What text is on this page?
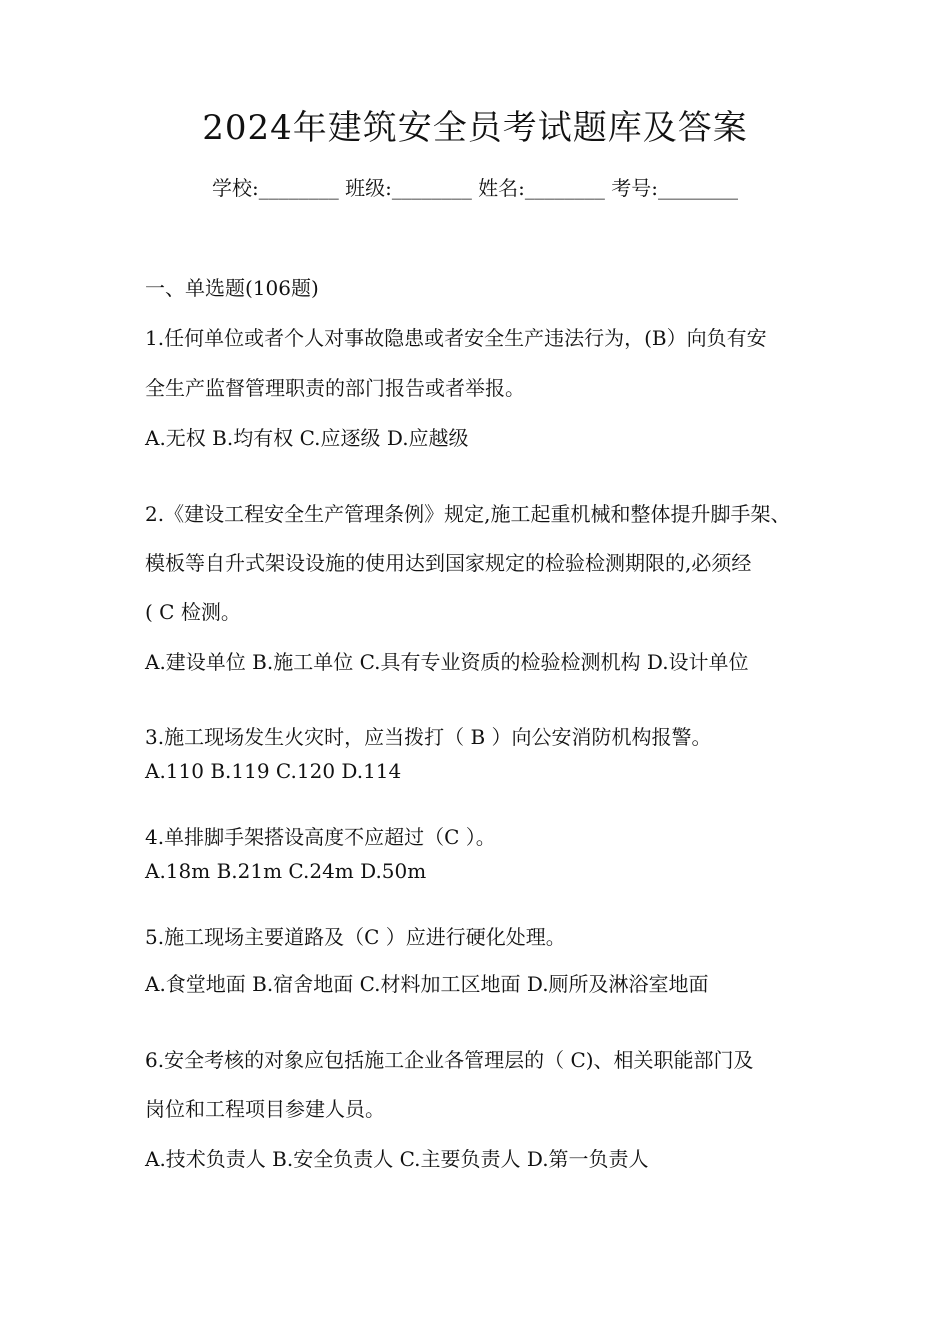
2024年建筑安全员考试题库及答案
学校:________ 班级:________ 姓名:________ 考号:________
一、单选题(106题)
1.任何单位或者个人对事故隐患或者安全生产违法行为，(B）向负有安
全生产监督管理职责的部门报告或者举报。
A.无权 B.均有权 C.应逐级 D.应越级
2.《建设工程安全生产管理条例》规定,施工起重机械和整体提升脚手架、
模板等自升式架设设施的使用达到国家规定的检验检测期限的,必须经
( C 检测。
A.建设单位 B.施工单位 C.具有专业资质的检验检测机构 D.设计单位
3.施工现场发生火灾时，应当拨打（ B ）向公安消防机构报警。
A.110 B.119 C.120 D.114
4.单排脚手架搭设高度不应超过（C ）。
A.18m B.21m C.24m D.50m
5.施工现场主要道路及（C ）应进行硬化处理。
A.食堂地面 B.宿舍地面 C.材料加工区地面 D.厕所及淋浴室地面
6.安全考核的对象应包括施工企业各管理层的（ C)、相关职能部门及
岗位和工程项目参建人员。
A.技术负责人 B.安全负责人 C.主要负责人 D.第一负责人
